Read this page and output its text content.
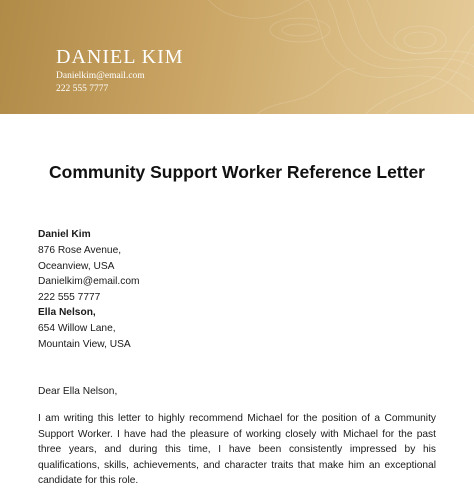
DANIEL KIM
Danielkim@email.com
222 555 7777
Community Support Worker Reference Letter
Daniel Kim
876 Rose Avenue,
Oceanview, USA
Danielkim@email.com
222 555 7777
Ella Nelson,
654 Willow Lane,
Mountain View, USA
Dear Ella Nelson,
I am writing this letter to highly recommend Michael for the position of a Community Support Worker. I have had the pleasure of working closely with Michael for the past three years, and during this time, I have been consistently impressed by his qualifications, skills, achievements, and character traits that make him an exceptional candidate for this role.
